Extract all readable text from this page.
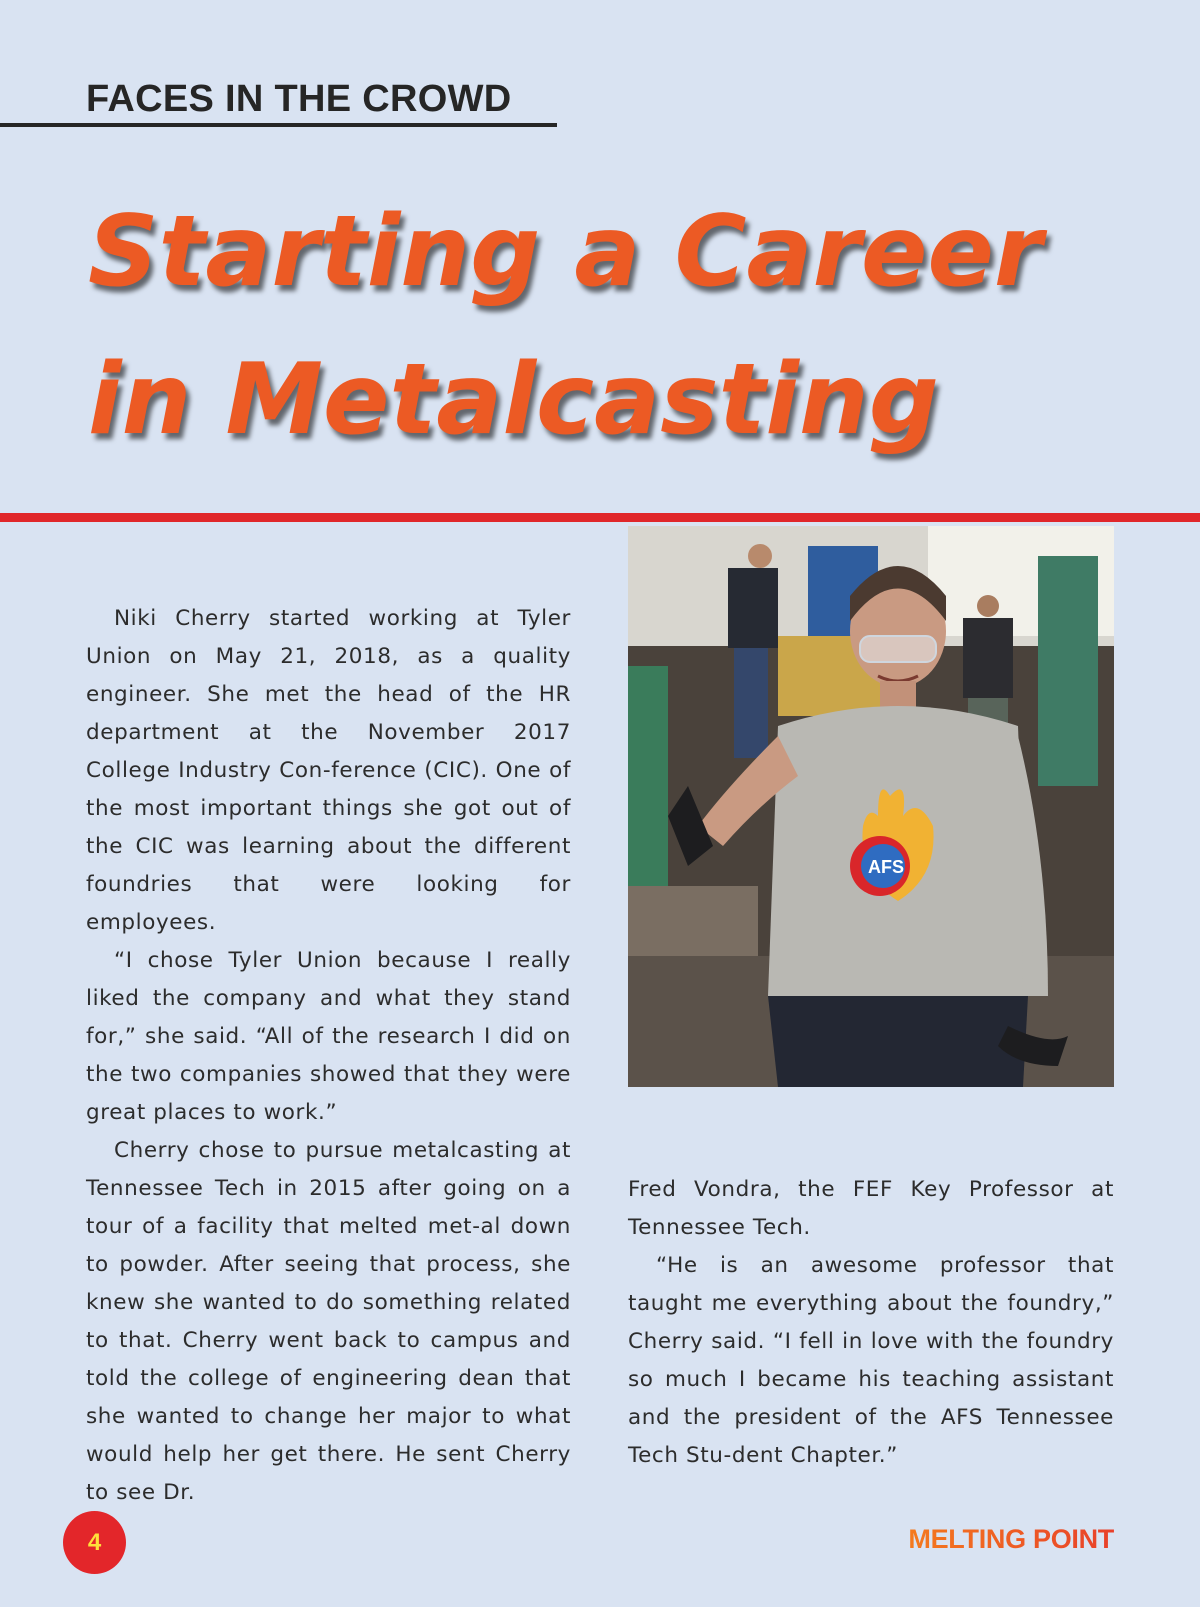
FACES IN THE CROWD
Starting a Career
in Metalcasting

Niki Cherry started working at Tyler Union on May 21, 2018, as a quality engineer. She met the head of the HR department at the November 2017 College Industry Con-ference (CIC). One of the most important things she got out of the CIC was learning about the different foundries that were looking for employees.

“I chose Tyler Union because I really liked the company and what they stand for,” she said. “All of the research I did on the two companies showed that they were great places to work.”

Cherry chose to pursue metalcasting at Tennessee Tech in 2015 after going on a tour of a facility that melted met-al down to powder. After seeing that process, she knew she wanted to do something related to that. Cherry went back to campus and told the college of engineering dean that she wanted to change her major to what would help her get there. He sent Cherry to see Dr.

AFS

Fred Vondra, the FEF Key Professor at Tennessee Tech.

“He is an awesome professor that taught me everything about the foundry,” Cherry said. “I fell in love with the foundry so much I became his teaching assistant and the president of the AFS Tennessee Tech Stu-dent Chapter.”

4	MELTING POINT
